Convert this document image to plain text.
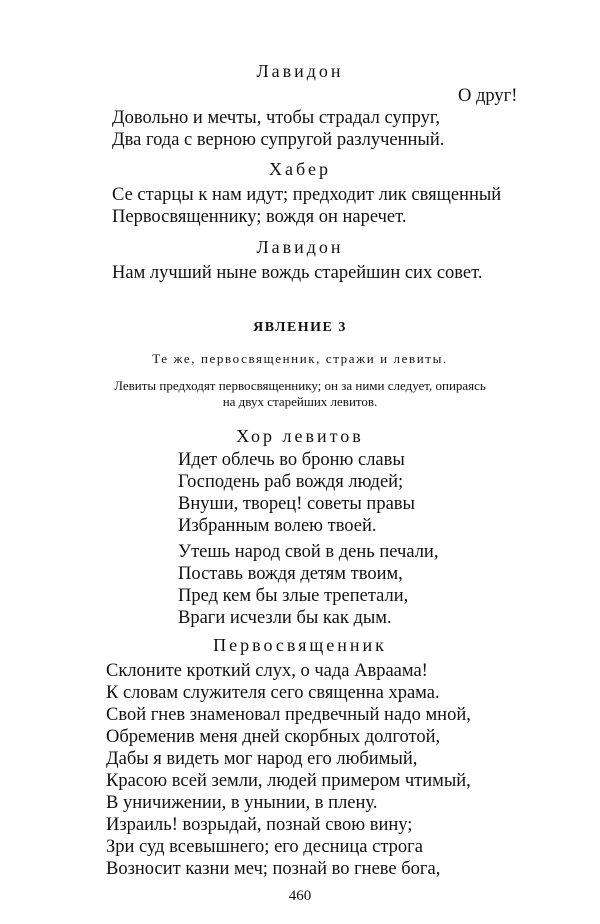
Лавидон
О друг!
Довольно и мечты, чтобы страдал супруг,
Два года с верною супругой разлученный.
Хабер
Се старцы к нам идут; предходит лик священный
Первосвященнику; вождя он наречет.
Лавидон
Нам лучший ныне вождь старейшин сих совет.
ЯВЛЕНИЕ 3
Те же, первосвященник, стражи и левиты.
Левиты предходят первосвященнику; он за ними следует, опираясь
на двух старейших левитов.
Хор левитов
Идет облечь во броню славы
Господень раб вождя людей;
Внуши, творец! советы правы
Избранным волею твоей.
Утешь народ свой в день печали,
Поставь вождя детям твоим,
Пред кем бы злые трепетали,
Враги исчезли бы как дым.
Первосвященник
Склоните кроткий слух, о чада Авраама!
К словам служителя сего священна храма.
Свой гнев знаменовал предвечный надо мной,
Обременив меня дней скорбных долготой,
Дабы я видеть мог народ его любимый,
Красою всей земли, людей примером чтимый,
В уничижении, в унынии, в плену.
Израиль! возрыдай, познай свою вину;
Зри суд всевышнего; его десница строга
Возносит казни меч; познай во гневе бога,
460
